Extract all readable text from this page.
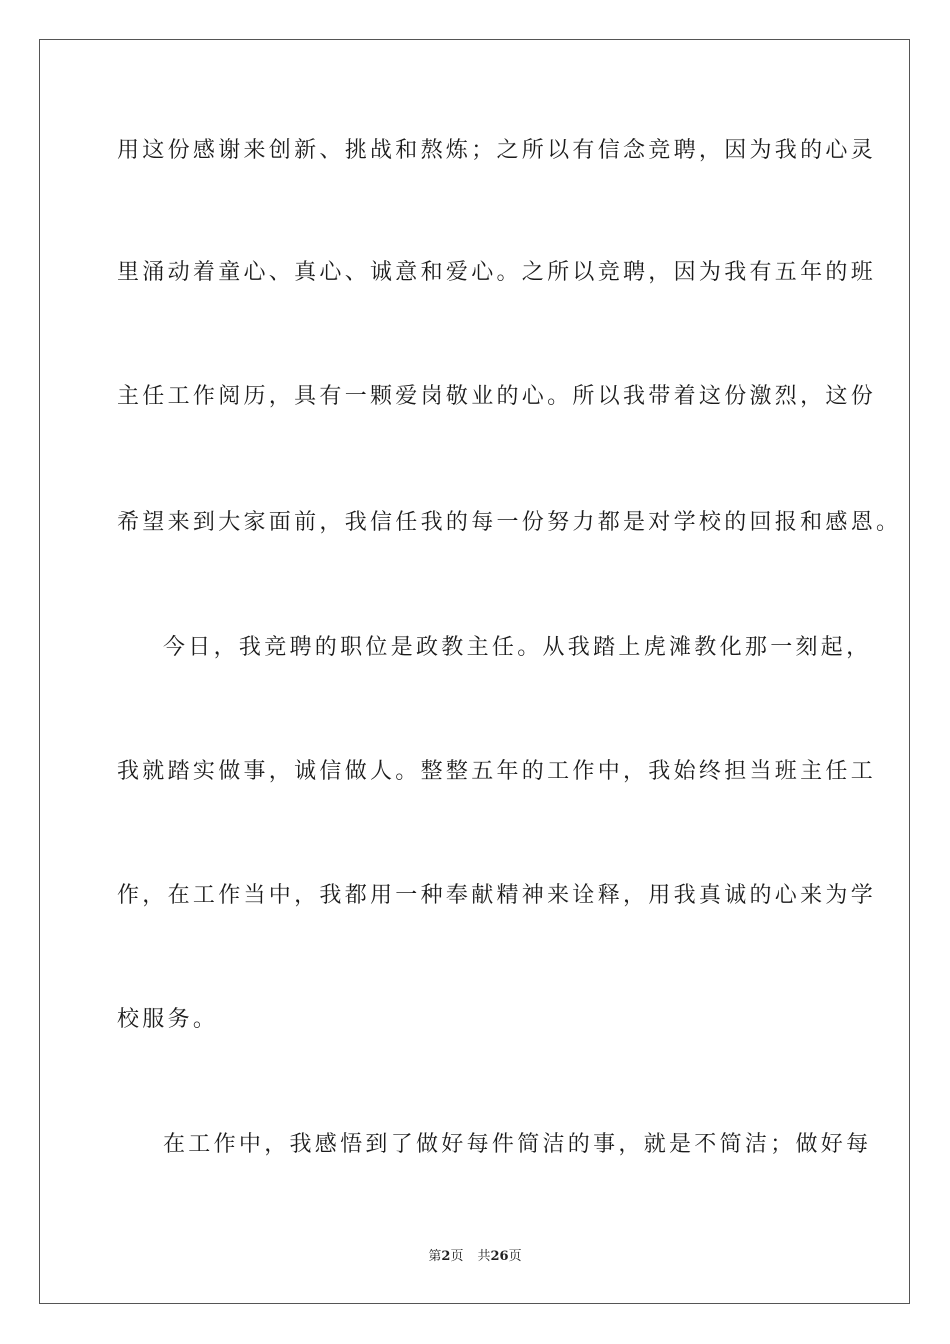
用这份感谢来创新、挑战和熬炼；之所以有信念竞聘，因为我的心灵
里涌动着童心、真心、诚意和爱心。之所以竞聘，因为我有五年的班
主任工作阅历，具有一颗爱岗敬业的心。所以我带着这份激烈，这份
希望来到大家面前，我信任我的每一份努力都是对学校的回报和感恩。
今日，我竞聘的职位是政教主任。从我踏上虎滩教化那一刻起，
我就踏实做事，诚信做人。整整五年的工作中，我始终担当班主任工
作，在工作当中，我都用一种奉献精神来诠释，用我真诚的心来为学
校服务。
在工作中，我感悟到了做好每件简洁的事，就是不简洁；做好每
第2页 共26页
